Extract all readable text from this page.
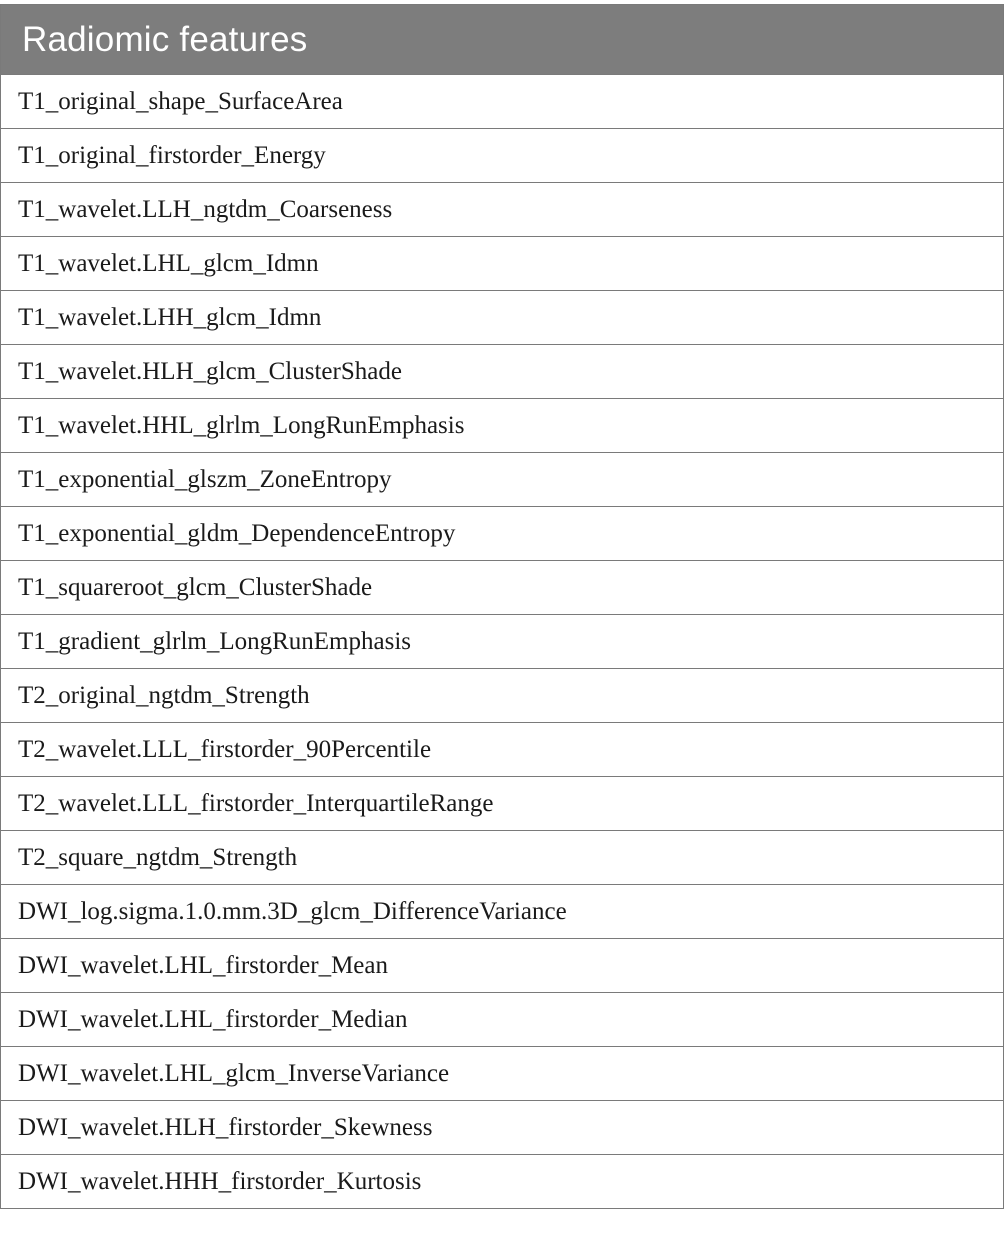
Radiomic features
T1_original_shape_SurfaceArea
T1_original_firstorder_Energy
T1_wavelet.LLH_ngtdm_Coarseness
T1_wavelet.LHL_glcm_Idmn
T1_wavelet.LHH_glcm_Idmn
T1_wavelet.HLH_glcm_ClusterShade
T1_wavelet.HHL_glrlm_LongRunEmphasis
T1_exponential_glszm_ZoneEntropy
T1_exponential_gldm_DependenceEntropy
T1_squareroot_glcm_ClusterShade
T1_gradient_glrlm_LongRunEmphasis
T2_original_ngtdm_Strength
T2_wavelet.LLL_firstorder_90Percentile
T2_wavelet.LLL_firstorder_InterquartileRange
T2_square_ngtdm_Strength
DWI_log.sigma.1.0.mm.3D_glcm_DifferenceVariance
DWI_wavelet.LHL_firstorder_Mean
DWI_wavelet.LHL_firstorder_Median
DWI_wavelet.LHL_glcm_InverseVariance
DWI_wavelet.HLH_firstorder_Skewness
DWI_wavelet.HHH_firstorder_Kurtosis
